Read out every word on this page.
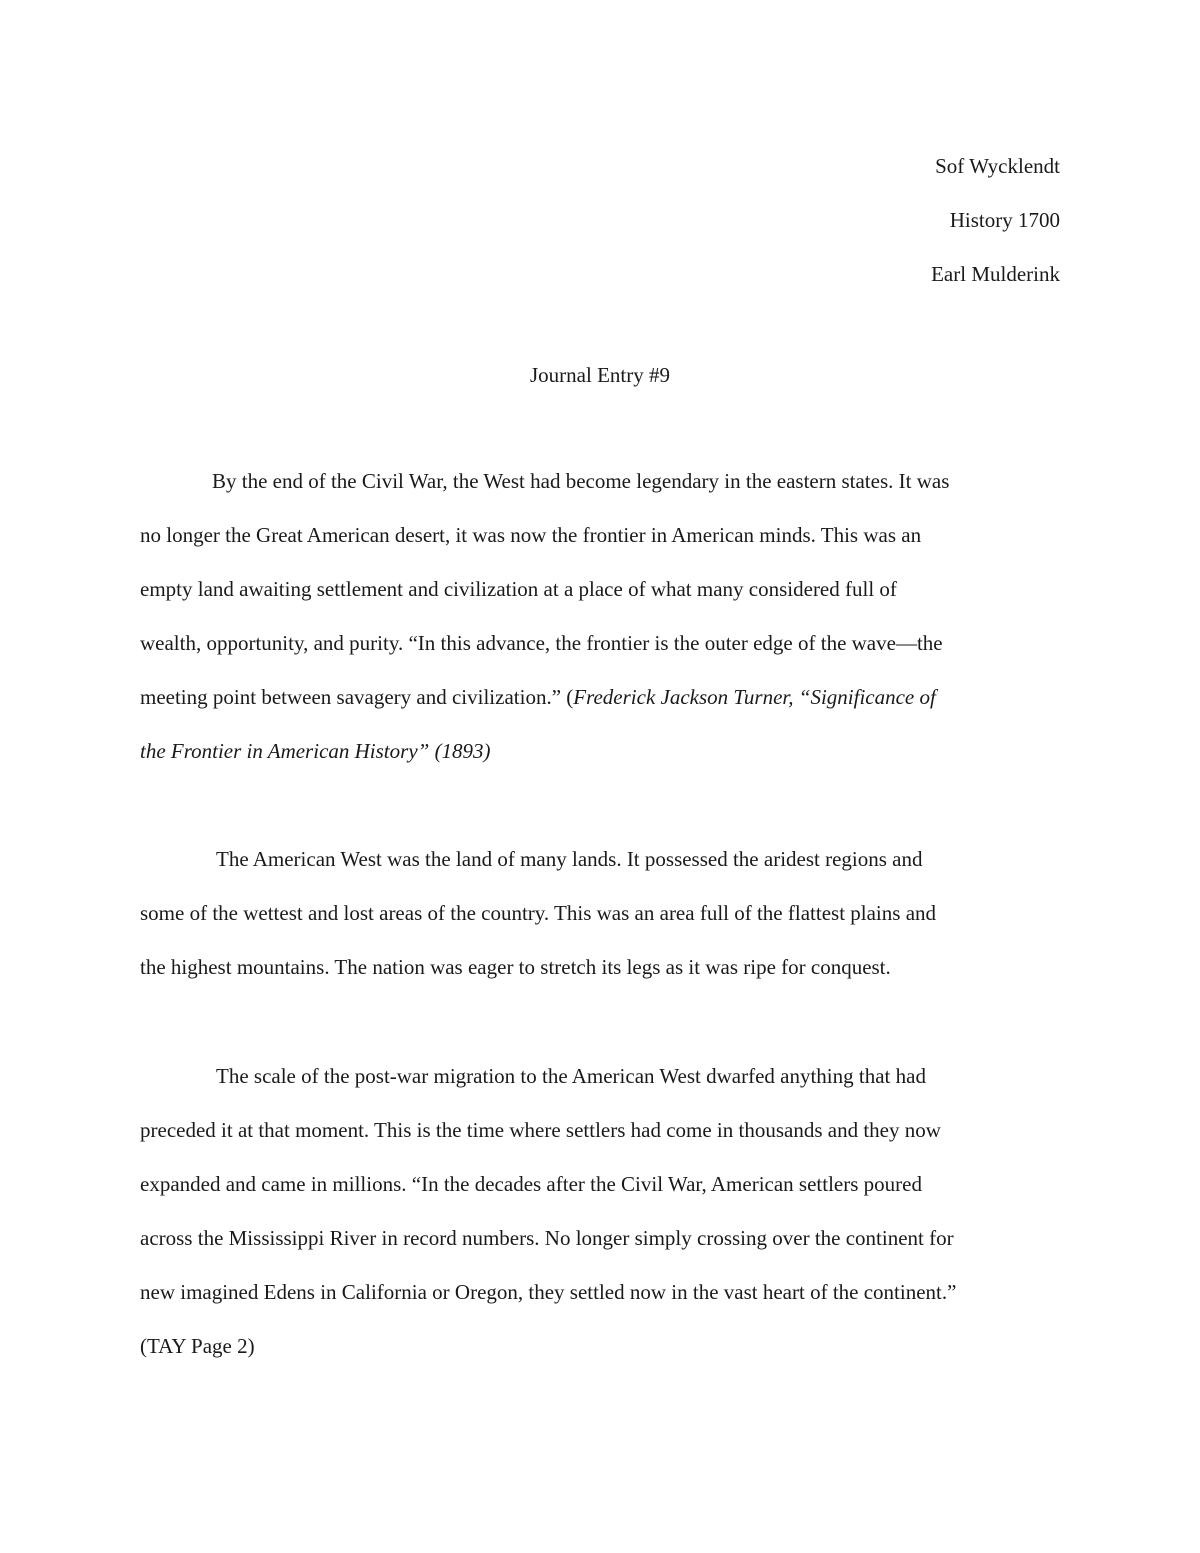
Sof Wycklendt
History 1700
Earl Mulderink
Journal Entry #9
By the end of the Civil War, the West had become legendary in the eastern states. It was
no longer the Great American desert, it was now the frontier in American minds. This was an
empty land awaiting settlement and civilization at a place of what many considered full of
wealth, opportunity, and purity. “In this advance, the frontier is the outer edge of the wave—the
meeting point between savagery and civilization.” (Frederick Jackson Turner, “Significance of
the Frontier in American History” (1893)
The American West was the land of many lands. It possessed the aridest regions and
some of the wettest and lost areas of the country. This was an area full of the flattest plains and
the highest mountains. The nation was eager to stretch its legs as it was ripe for conquest.
The scale of the post-war migration to the American West dwarfed anything that had
preceded it at that moment. This is the time where settlers had come in thousands and they now
expanded and came in millions. “In the decades after the Civil War, American settlers poured
across the Mississippi River in record numbers. No longer simply crossing over the continent for
new imagined Edens in California or Oregon, they settled now in the vast heart of the continent.”
(TAY Page 2)
